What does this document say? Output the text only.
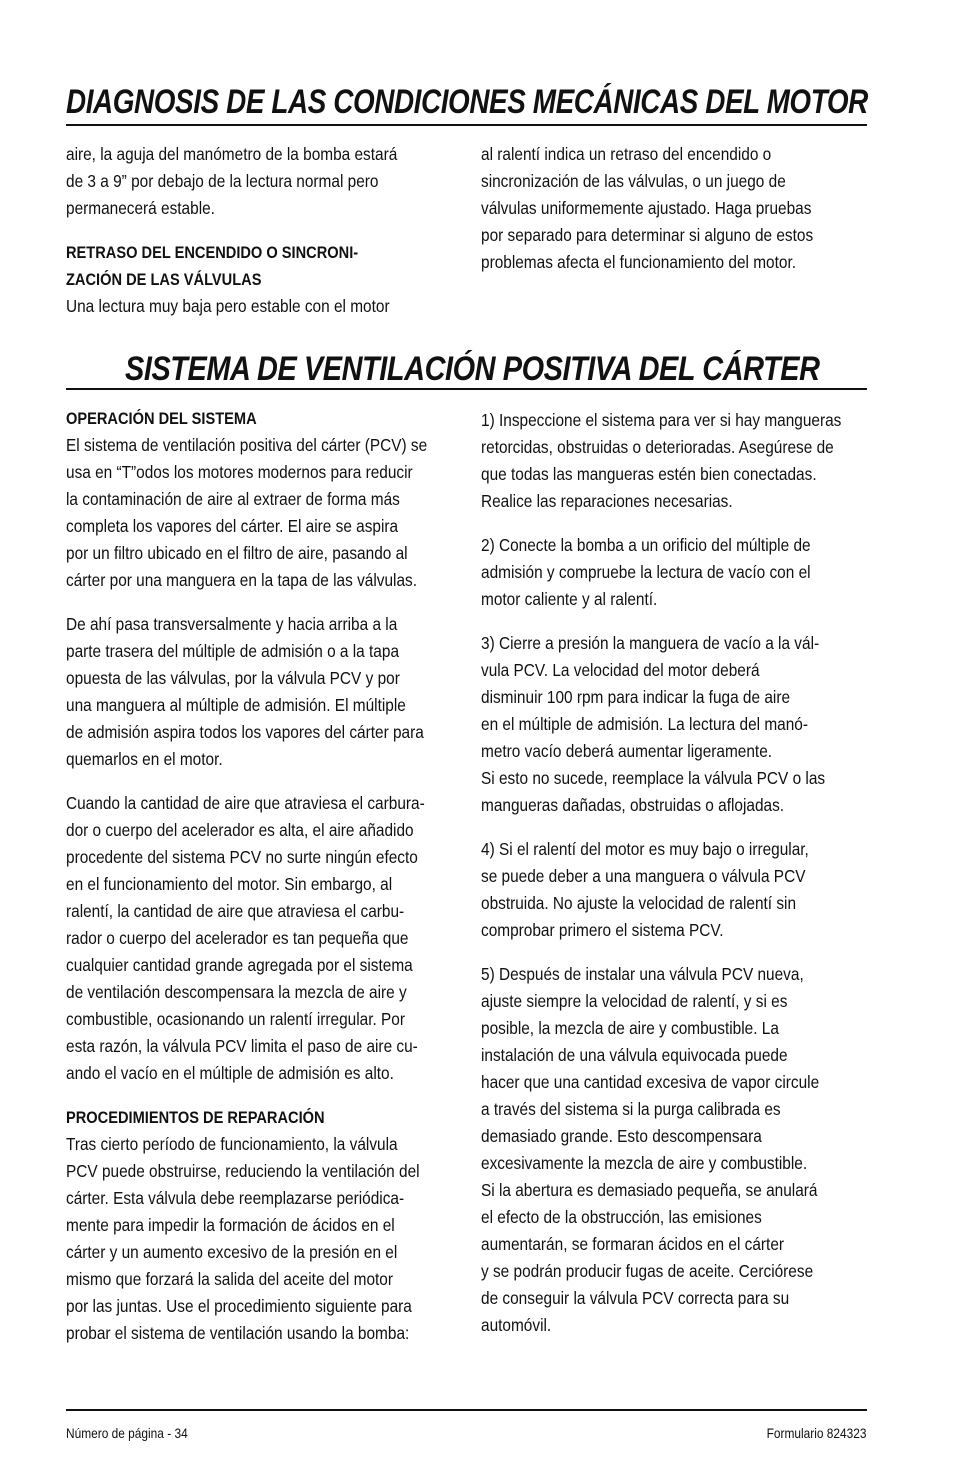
DIAGNOSIS DE LAS CONDICIONES MECÁNICAS DEL MOTOR

aire, la aguja del manómetro de la bomba estará
de 3 a 9” por debajo de la lectura normal pero
permanecerá estable.

RETRASO DEL ENCENDIDO O SINCRONI-
ZACIÓN DE LAS VÁLVULAS

Una lectura muy baja pero estable con el motor

al ralentí indica un retraso del encendido o
sincronización de las válvulas, o un juego de
válvulas uniformemente ajustado. Haga pruebas
por separado para determinar si alguno de estos
problemas afecta el funcionamiento del motor.

SISTEMA DE VENTILACIÓN POSITIVA DEL CÁRTER
OPERACIÓN DEL SISTEMA

El sistema de ventilación positiva del cárter (PCV) se
usa en “T”odos los motores modernos para reducir
la contaminación de aire al extraer de forma más
completa los vapores del cárter. El aire se aspira
por un filtro ubicado en el filtro de aire, pasando al
cárter por una manguera en la tapa de las válvulas.

De ahí pasa transversalmente y hacia arriba a la
parte trasera del múltiple de admisión o a la tapa
opuesta de las válvulas, por la válvula PCV y por
una manguera al múltiple de admisión. El múltiple
de admisión aspira todos los vapores del cárter para
quemarlos en el motor.

Cuando la cantidad de aire que atraviesa el carbura-
dor o cuerpo del acelerador es alta, el aire añadido
procedente del sistema PCV no surte ningún efecto
en el funcionamiento del motor. Sin embargo, al
ralentí, la cantidad de aire que atraviesa el carbu-
rador o cuerpo del acelerador es tan pequeña que
cualquier cantidad grande agregada por el sistema
de ventilación descompensara la mezcla de aire y
combustible, ocasionando un ralentí irregular. Por
esta razón, la válvula PCV limita el paso de aire cu-
ando el vacío en el múltiple de admisión es alto.

PROCEDIMIENTOS DE REPARACIÓN

Tras cierto período de funcionamiento, la válvula
PCV puede obstruirse, reduciendo la ventilación del
cárter. Esta válvula debe reemplazarse periódica-
mente para impedir la formación de ácidos en el
cárter y un aumento excesivo de la presión en el
mismo que forzará la salida del aceite del motor
por las juntas. Use el procedimiento siguiente para
probar el sistema de ventilación usando la bomba:

1) Inspeccione el sistema para ver si hay mangueras
retorcidas, obstruidas o deterioradas. Asegúrese de
que todas las mangueras estén bien conectadas.
Realice las reparaciones necesarias.

2) Conecte la bomba a un orificio del múltiple de
admisión y compruebe la lectura de vacío con el
motor caliente y al ralentí.

3) Cierre a presión la manguera de vacío a la vál-
vula PCV. La velocidad del motor deberá
disminuir 100 rpm para indicar la fuga de aire
en el múltiple de admisión. La lectura del manó-
metro vacío deberá aumentar ligeramente.
Si esto no sucede, reemplace la válvula PCV o las
mangueras dañadas, obstruidas o aflojadas.

4) Si el ralentí del motor es muy bajo o irregular,
se puede deber a una manguera o válvula PCV
obstruida. No ajuste la velocidad de ralentí sin
comprobar primero el sistema PCV.

5) Después de instalar una válvula PCV nueva,
ajuste siempre la velocidad de ralentí, y si es
posible, la mezcla de aire y combustible. La
instalación de una válvula equivocada puede
hacer que una cantidad excesiva de vapor circule
a través del sistema si la purga calibrada es
demasiado grande. Esto descompensara
excesivamente la mezcla de aire y combustible.
Si la abertura es demasiado pequeña, se anulará
el efecto de la obstrucción, las emisiones
aumentarán, se formaran ácidos en el cárter
y se podrán producir fugas de aceite. Cerciórese
de conseguir la válvula PCV correcta para su
automóvil.

Número de página - 34	Formulario 824323
